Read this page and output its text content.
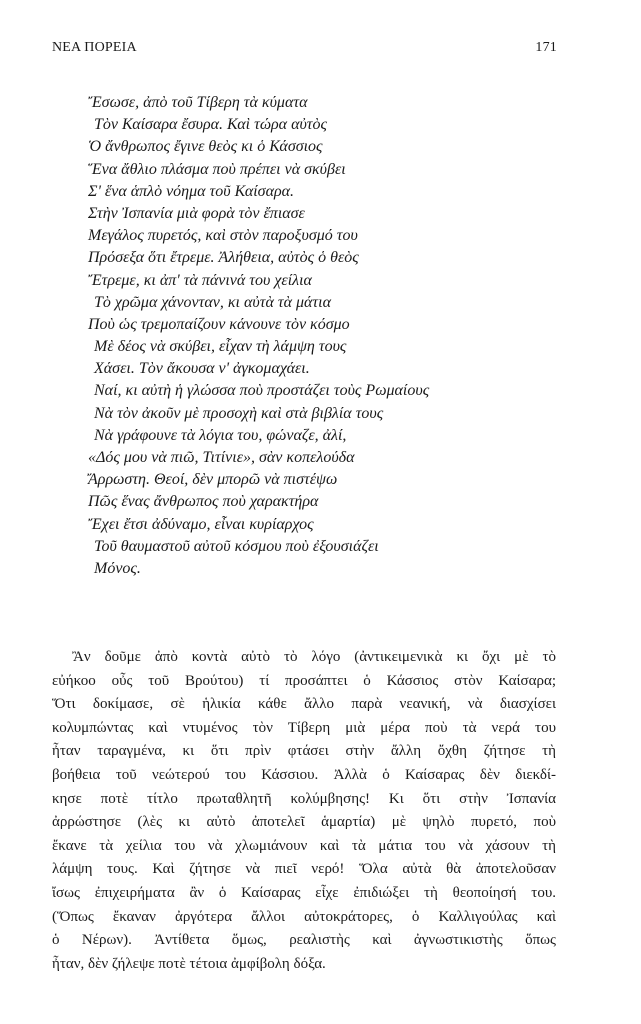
ΝΕΑ ΠΟΡΕΙΑ	171
Ἔσωσε, ἀπὸ τοῦ Τίβερη τὰ κύματα
Τὸν Καίσαρα ἔσυρα. Καὶ τώρα αὐτὸς
Ὁ ἄνθρωπος ἔγινε θεὸς κι ὁ Κάσσιος
Ἕνα ἄθλιο πλάσμα ποὺ πρέπει νὰ σκύβει
Σ' ἕνα ἁπλὸ νόημα τοῦ Καίσαρα.
Στὴν Ἰσπανία μιὰ φορὰ τὸν ἔπιασε
Μεγάλος πυρετός, καὶ στὸν παροξυσμό του
Πρόσεξα ὅτι ἔτρεμε. Ἀλήθεια, αὐτὸς ὁ θεὸς
Ἔτρεμε, κι ἀπ' τὰ πάνινά του χείλια
Τὸ χρῶμα χάνονταν, κι αὐτὰ τὰ μάτια
Ποὺ ὡς τρεμοπαίζουν κάνουνε τὸν κόσμο
Μὲ δέος νὰ σκύβει, εἶχαν τὴ λάμψη τους
Χάσει. Τὸν ἄκουσα ν' ἀγκομαχάει.
Ναί, κι αὐτὴ ἡ γλώσσα ποὺ προστάζει τοὺς Ρωμαίους
Νὰ τὸν ἀκοῦν μὲ προσοχὴ καὶ στὰ βιβλία τους
Νὰ γράφουνε τὰ λόγια του, φώναζε, ἀλί,
«Δός μου νὰ πιῶ, Τιτίνιε», σὰν κοπελούδα
Ἄρρωστη. Θεοί, δὲν μπορῶ νὰ πιστέψω
Πῶς ἕνας ἄνθρωπος ποὺ χαρακτήρα
Ἔχει ἔτσι ἀδύναμο, εἶναι κυρίαρχος
Τοῦ θαυμαστοῦ αὐτοῦ κόσμου ποὺ ἐξουσιάζει
Μόνος.
Ἂν δοῦμε ἀπὸ κοντὰ αὐτὸ τὸ λόγο (ἀντικειμενικὰ κι ὄχι μὲ τὸ
εὐήκοο οὖς τοῦ Βρούτου) τί προσάπτει ὁ Κάσσιος στὸν Καίσαρα;
Ὅτι δοκίμασε, σὲ ἡλικία κάθε ἄλλο παρὰ νεανική, νὰ διασχίσει
κολυμπώντας καὶ ντυμένος τὸν Τίβερη μιὰ μέρα ποὺ τὰ νερά του
ἦταν ταραγμένα, κι ὅτι πρὶν φτάσει στὴν ἄλλη ὄχθη ζήτησε τὴ
βοήθεια τοῦ νεώτερού του Κάσσιου. Ἀλλὰ ὁ Καίσαρας δὲν διεκδί-
κησε ποτὲ τίτλο πρωταθλητῆ κολύμβησης! Κι ὅτι στὴν Ἰσπανία
ἀρρώστησε (λὲς κι αὐτὸ ἀποτελεῖ ἁμαρτία) μὲ ψηλὸ πυρετό, ποὺ
ἔκανε τὰ χείλια του νὰ χλωμιάνουν καὶ τὰ μάτια του νὰ χάσουν τὴ
λάμψη τους. Καὶ ζήτησε νὰ πιεῖ νερό! Ὅλα αὐτὰ θὰ ἀποτελοῦσαν
ἴσως ἐπιχειρήματα ἂν ὁ Καίσαρας εἶχε ἐπιδιώξει τὴ θεοποίησή του.
(Ὅπως ἔκαναν ἀργότερα ἄλλοι αὐτοκράτορες, ὁ Καλλιγούλας καὶ
ὁ Νέρων). Ἀντίθετα ὅμως, ρεαλιστὴς καὶ ἀγνωστικιστὴς ὅπως
ἦταν, δὲν ζήλεψε ποτὲ τέτοια ἀμφίβολη δόξα.
